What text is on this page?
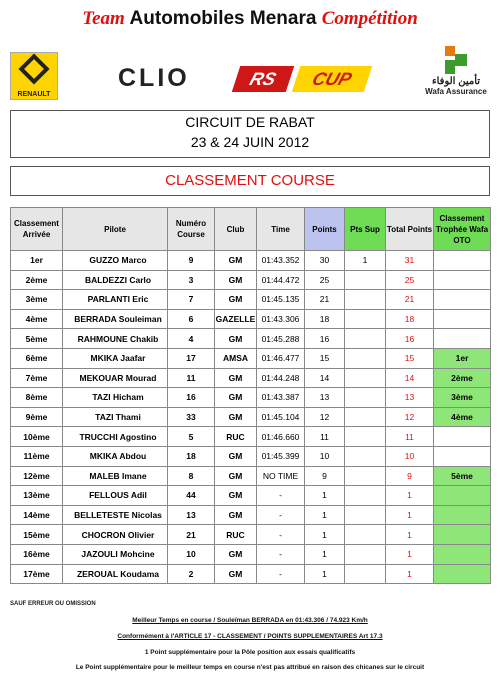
Team Automobiles Menara Compétition
RENAULT
CLIO	RS	CUP	تأمين الوفاء
Wafa Assurance
CIRCUIT DE RABAT
23 & 24 JUIN 2012
CLASSEMENT COURSE
Classement Arrivée	Pilote	Numéro Course	Club	Time	Points	Pts Sup	Total Points	Classement Trophée Wafa OTO
1er	GUZZO Marco	9	GM	01:43.352	30	1	31	
2ème	BALDEZZI Carlo	3	GM	01:44.472	25		25	
3ème	PARLANTI Eric	7	GM	01:45.135	21		21	
4ème	BERRADA Souleiman	6	GAZELLE	01:43.306	18		18	
5ème	RAHMOUNE Chakib	4	GM	01:45.288	16		16	
6ème	MKIKA Jaafar	17	AMSA	01:46.477	15		15	1er
7ème	MEKOUAR Mourad	11	GM	01:44.248	14		14	2ème
8ème	TAZI Hicham	16	GM	01:43.387	13		13	3ème
9ème	TAZI Thami	33	GM	01:45.104	12		12	4ème
10ème	TRUCCHI Agostino	5	RUC	01:46.660	11		11	
11ème	MKIKA Abdou	18	GM	01:45.399	10		10	
12ème	MALEB Imane	8	GM	NO TIME	9		9	5ème
13ème	FELLOUS Adil	44	GM	-	1		1	
14ème	BELLETESTE Nicolas	13	GM	-	1		1	
15ème	CHOCRON Olivier	21	RUC	-	1		1	
16ème	JAZOULI Mohcine	10	GM	-	1		1	
17ème	ZEROUAL Koudama	2	GM	-	1		1	
SAUF ERREUR OU OMISSION
Meilleur Temps en course / Souleïman BERRADA en 01:43.306 / 74.923 Km/h
Conformément à l'ARTICLE 17 - CLASSEMENT / POINTS SUPPLEMENTAIRES Art 17.3
1 Point supplémentaire pour la Pôle position aux essais qualificatifs
Le Point supplémentaire pour le meilleur temps en course n'est pas attribué en raison des chicanes sur le circuit
